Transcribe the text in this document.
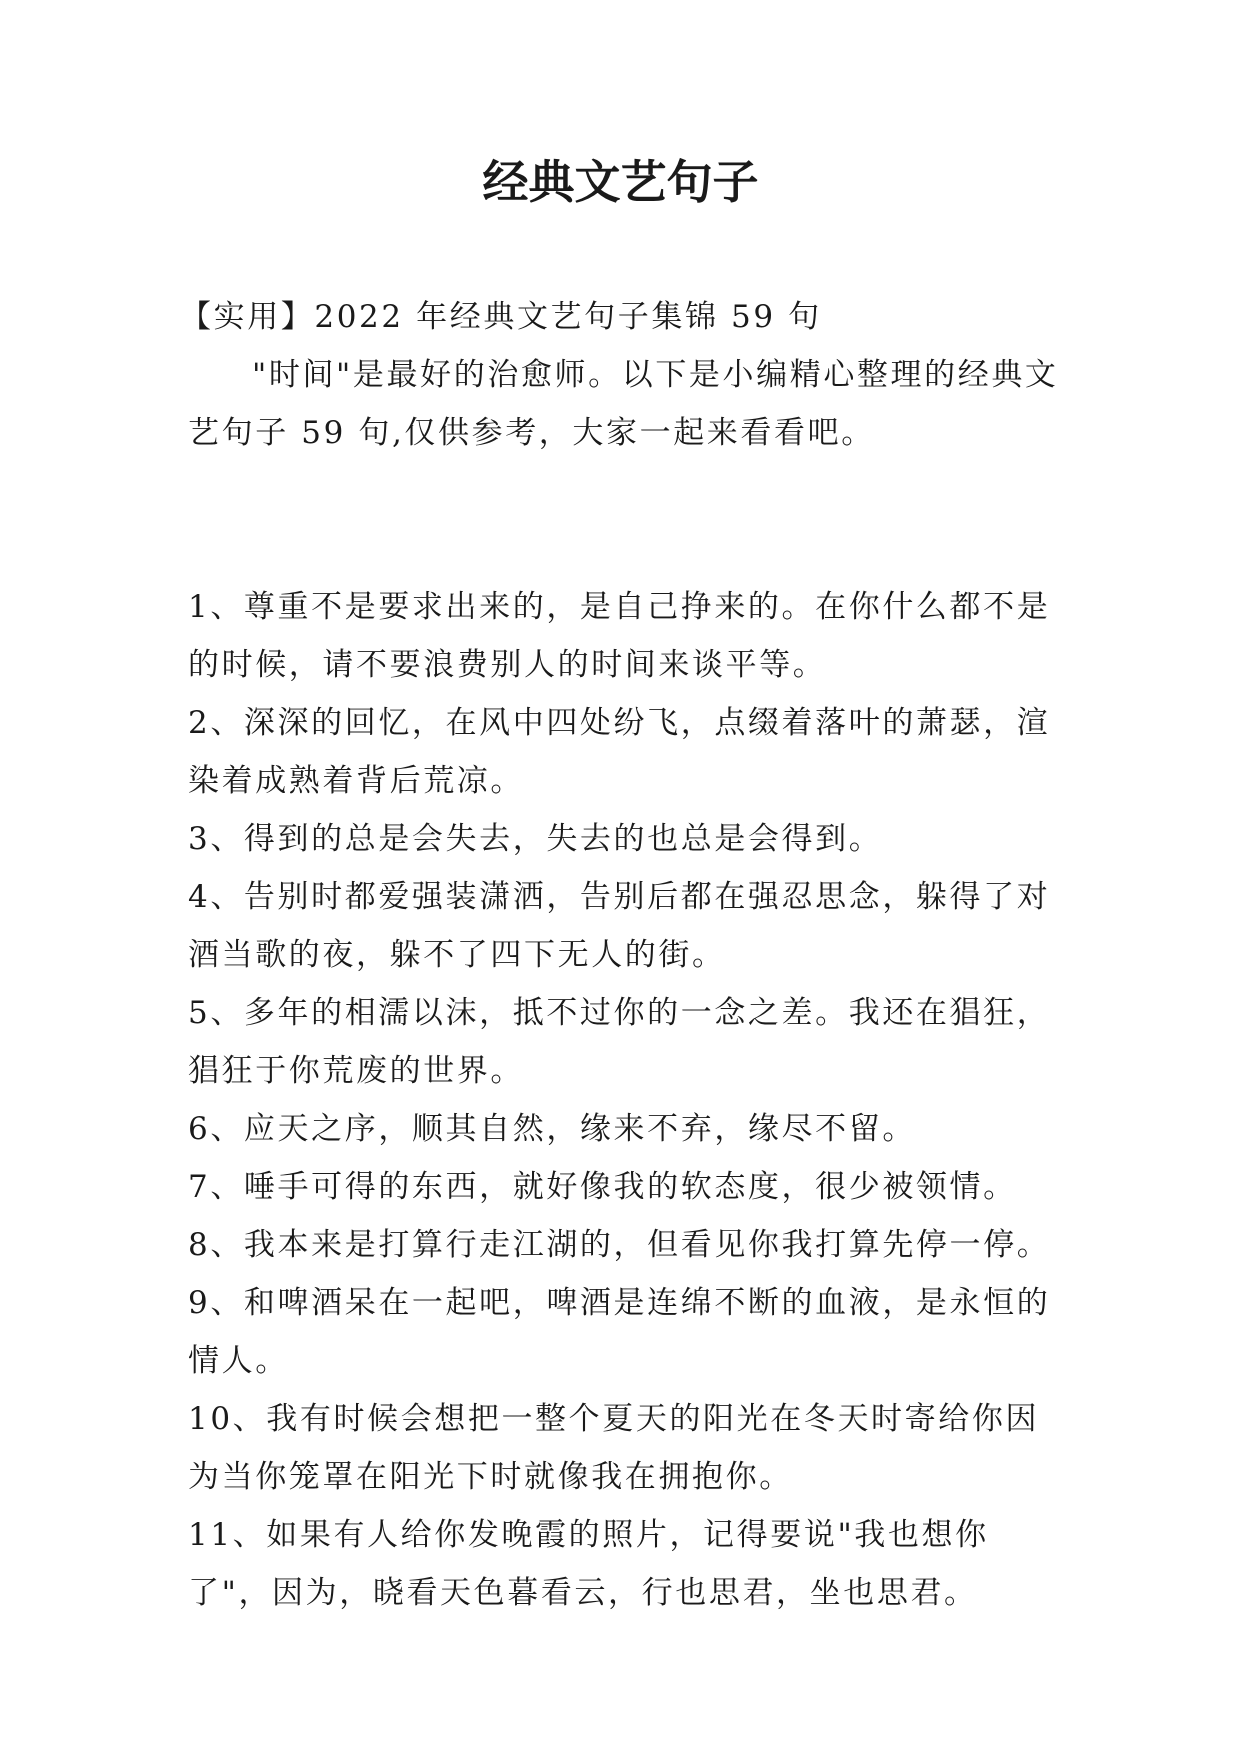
经典文艺句子

【实用】2022 年经典文艺句子集锦 59 句

"时间"是最好的治愈师。以下是小编精心整理的经典文艺句子 59 句,仅供参考，大家一起来看看吧。

1、尊重不是要求出来的，是自己挣来的。在你什么都不是的时候，请不要浪费别人的时间来谈平等。

2、深深的回忆，在风中四处纷飞，点缀着落叶的萧瑟，渲染着成熟着背后荒凉。

3、得到的总是会失去，失去的也总是会得到。

4、告别时都爱强装潇洒，告别后都在强忍思念，躲得了对酒当歌的夜，躲不了四下无人的街。

5、多年的相濡以沫，抵不过你的一念之差。我还在猖狂，猖狂于你荒废的世界。

6、应天之序，顺其自然，缘来不弃，缘尽不留。

7、唾手可得的东西，就好像我的软态度，很少被领情。

8、我本来是打算行走江湖的，但看见你我打算先停一停。

9、和啤酒呆在一起吧，啤酒是连绵不断的血液，是永恒的情人。

10、我有时候会想把一整个夏天的阳光在冬天时寄给你因为当你笼罩在阳光下时就像我在拥抱你。

11、如果有人给你发晚霞的照片，记得要说"我也想你了"，因为，晓看天色暮看云，行也思君，坐也思君。
